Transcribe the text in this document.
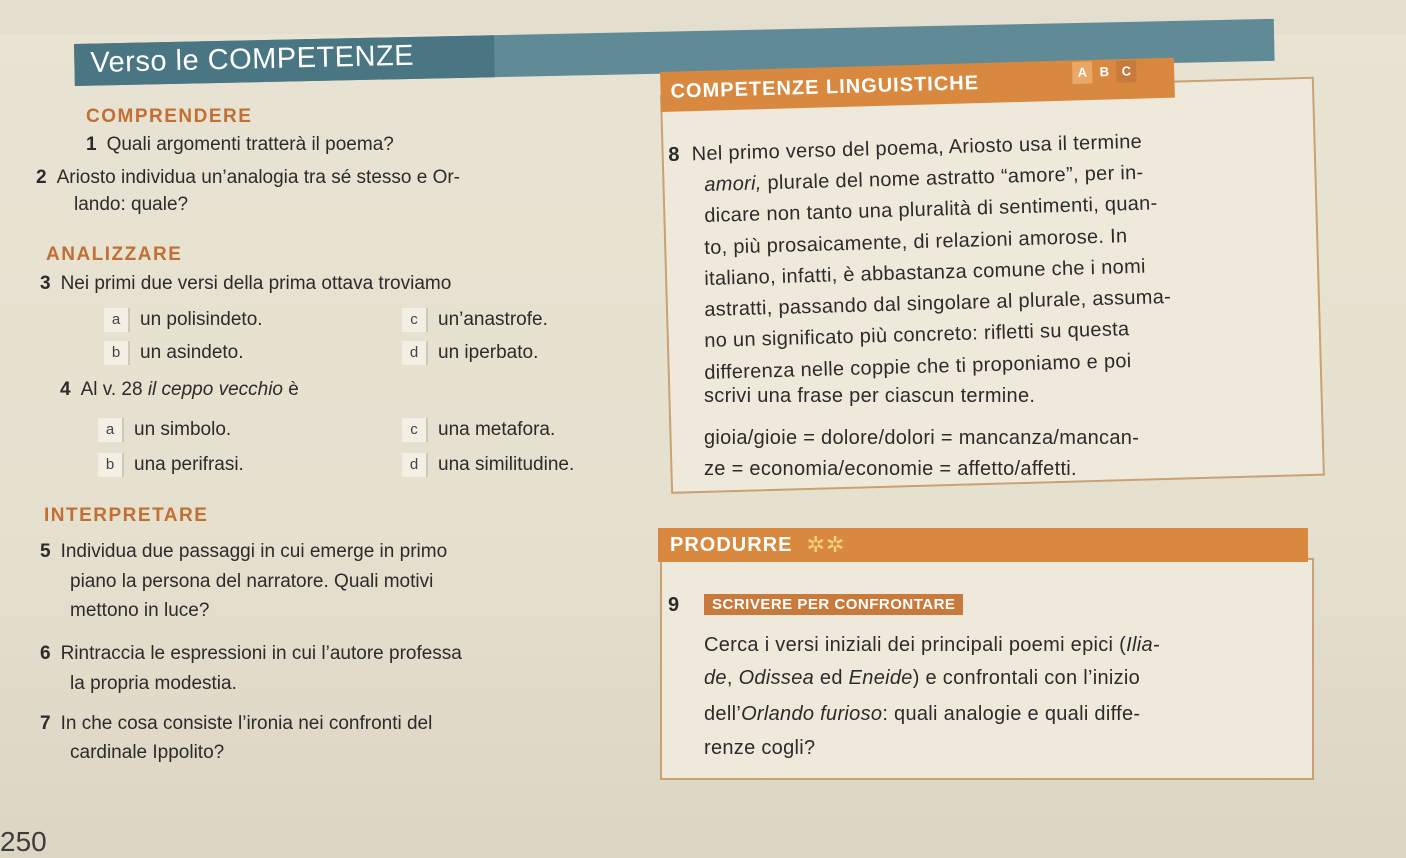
Verso le COMPETENZE
COMPRENDERE
1 Quali argomenti tratterà il poema?
2 Ariosto individua un’analogia tra sé stesso e Or-
lando: quale?
ANALIZZARE
3 Nei primi due versi della prima ottava troviamo
a	un polisindeto.
b	un asindeto.
c	un’anastrofe.
d	un iperbato.
4 Al v. 28 il ceppo vecchio è
a	un simbolo.
b	una perifrasi.
c	una metafora.
d	una similitudine.
INTERPRETARE
5 Individua due passaggi in cui emerge in primo
piano la persona del narratore. Quali motivi
mettono in luce?
6 Rintraccia le espressioni in cui l’autore professa
la propria modestia.
7 In che cosa consiste l’ironia nei confronti del
cardinale Ippolito?
COMPETENZE LINGUISTICHE	A B C
8 Nel primo verso del poema, Ariosto usa il termine
amori, plurale del nome astratto “amore”, per in-
dicare non tanto una pluralità di sentimenti, quan-
to, più prosaicamente, di relazioni amorose. In
italiano, infatti, è abbastanza comune che i nomi
astratti, passando dal singolare al plurale, assuma-
no un significato più concreto: rifletti su questa
differenza nelle coppie che ti proponiamo e poi
scrivi una frase per ciascun termine.
gioia/gioie = dolore/dolori = mancanza/mancan-
ze = economia/economie = affetto/affetti.
PRODURRE ✲✲
9	SCRIVERE PER CONFRONTARE
Cerca i versi iniziali dei principali poemi epici (Ilia-
de, Odissea ed Eneide) e confrontali con l’inizio
dell’Orlando furioso: quali analogie e quali diffe-
renze cogli?
250
